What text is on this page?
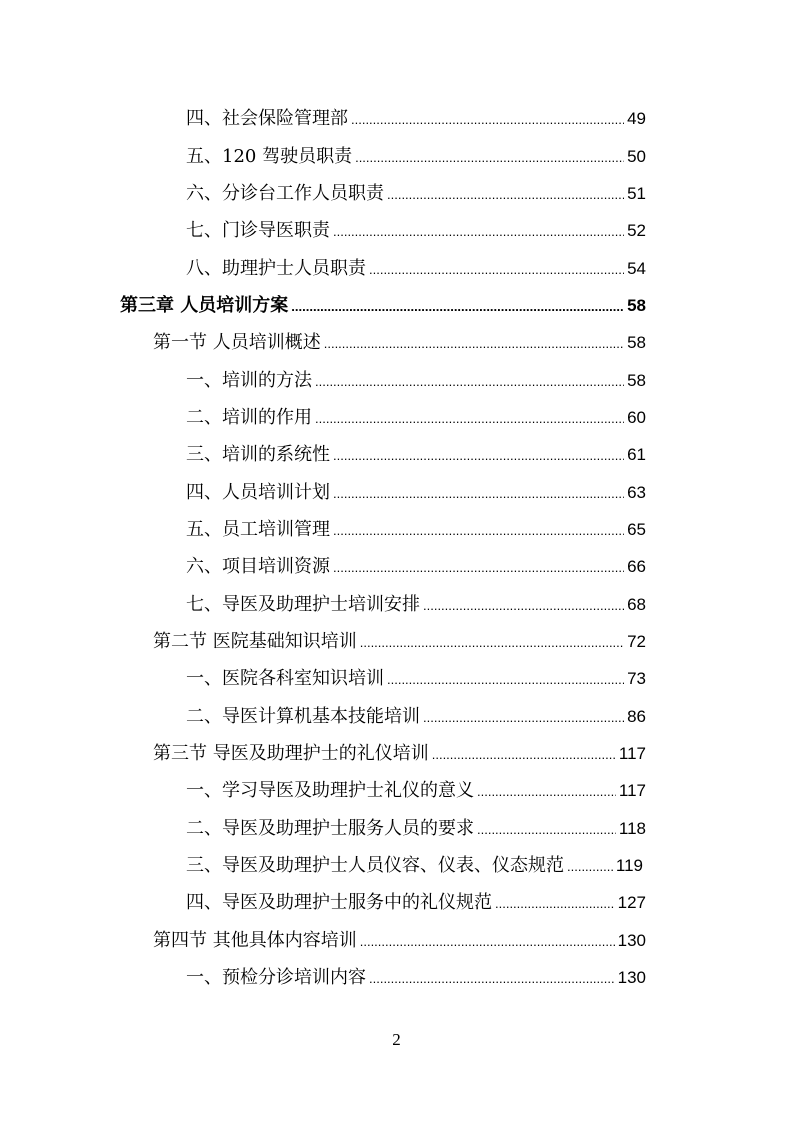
四、社会保险管理部 .....	49
五、120 驾驶员职责 .....	50
六、分诊台工作人员职责 .....	51
七、门诊导医职责 .....	52
八、助理护士人员职责 .....	54
第三章 人员培训方案 .....	58
第一节 人员培训概述 .....	58
一、培训的方法 .....	58
二、培训的作用 .....	60
三、培训的系统性 .....	61
四、人员培训计划 .....	63
五、员工培训管理 .....	65
六、项目培训资源 .....	66
七、导医及助理护士培训安排 .....	68
第二节 医院基础知识培训 .....	72
一、医院各科室知识培训 .....	73
二、导医计算机基本技能培训 .....	86
第三节 导医及助理护士的礼仪培训 .....	117
一、学习导医及助理护士礼仪的意义 .....	117
二、导医及助理护士服务人员的要求 .....	118
三、导医及助理护士人员仪容、仪表、仪态规范 .....	119
四、导医及助理护士服务中的礼仪规范 .....	127
第四节 其他具体内容培训 .....	130
一、预检分诊培训内容 .....	130
2
